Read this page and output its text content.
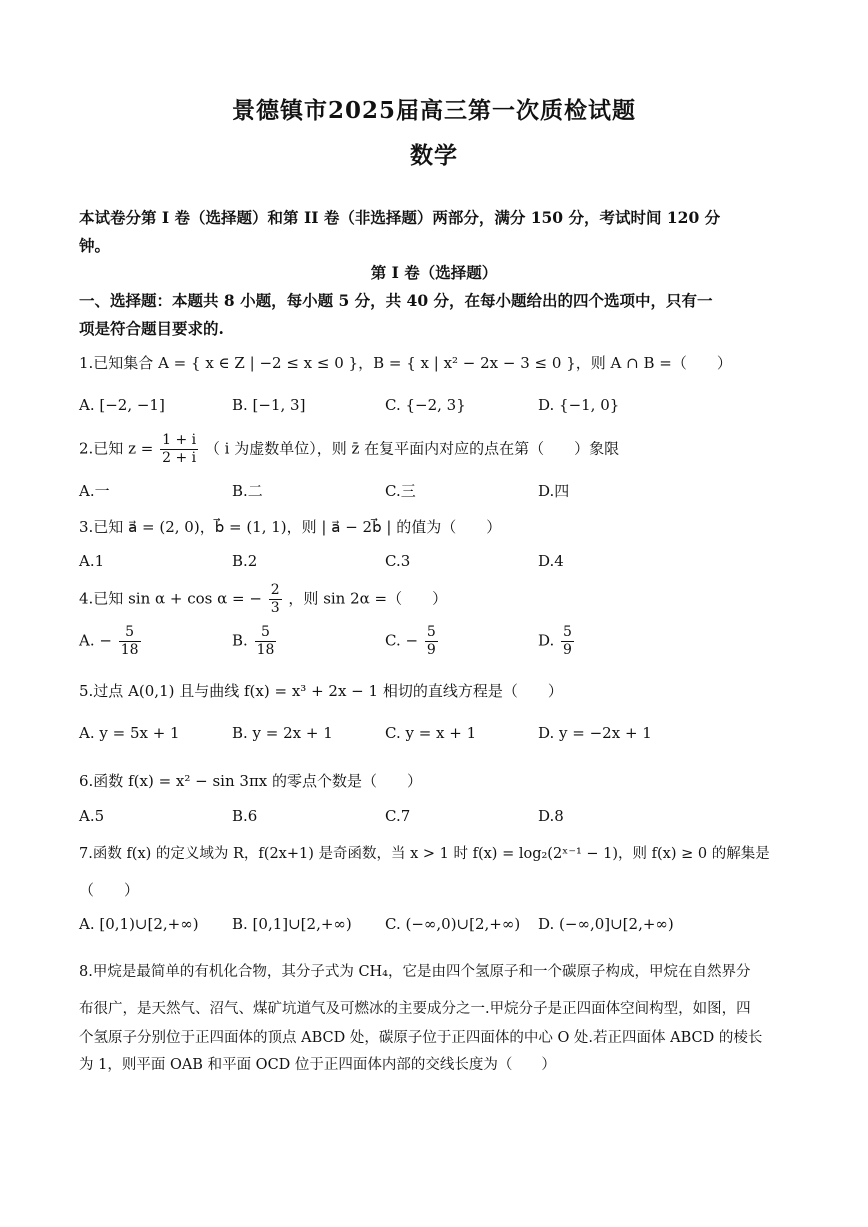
景德镇市2025届高三第一次质检试题
数学
本试卷分第 I 卷（选择题）和第 II 卷（非选择题）两部分，满分 150 分，考试时间 120 分
钟。
第 I 卷（选择题）
一、选择题：本题共 8 小题，每小题 5 分，共 40 分，在每小题给出的四个选项中，只有一
项是符合题目要求的.
1.已知集合 A = { x ∈ Z | −2 ≤ x ≤ 0 }，B = { x | x² − 2x − 3 ≤ 0 }，则 A ∩ B =（　　）
A. [−2, −1]	B. [−1, 3]	C. {−2, 3}	D. {−1, 0}
2.已知 $z = \frac{1 + i}{2 + i}$ （ i 为虚数单位），则 z̄ 在复平面内对应的点在第（　　）象限
A.一	B.二	C.三	D.四
3.已知 a⃗ = (2, 0)，b⃗ = (1, 1)，则 | a⃗ − 2b⃗ | 的值为（　　）
A.1	B.2	C.3	D.4
4.已知 sin α + cos α = − $\frac{2}{3}$ ，则 sin 2α =（　　）
A. − $\frac{5}{18}$	B. $\frac{5}{18}$	C. − $\frac{5}{9}$	D. $\frac{5}{9}$
5.过点 A(0,1) 且与曲线 f(x) = x³ + 2x − 1 相切的直线方程是（　　）
A. y = 5x + 1	B. y = 2x + 1	C. y = x + 1	D. y = −2x + 1
6.函数 f(x) = x² − sin 3πx 的零点个数是（　　）
A.5	B.6	C.7	D.8
7.函数 f(x) 的定义域为 R，f(2x+1) 是奇函数，当 x > 1 时 f(x) = log₂(2ˣ⁻¹ − 1)，则 f(x) ≥ 0 的解集是
（　　）
A. [0,1)∪[2,+∞) B. [0,1]∪[2,+∞) C. (−∞,0)∪[2,+∞) D. (−∞,0]∪[2,+∞)
8.甲烷是最简单的有机化合物，其分子式为 CH₄，它是由四个氢原子和一个碳原子构成，甲烷在自然界分
布很广，是天然气、沼气、煤矿坑道气及可燃冰的主要成分之一.甲烷分子是正四面体空间构型，如图，四
个氢原子分别位于正四面体的顶点 ABCD 处，碳原子位于正四面体的中心 O 处.若正四面体 ABCD 的棱长
为 1，则平面 OAB 和平面 OCD 位于正四面体内部的交线长度为（　　）
